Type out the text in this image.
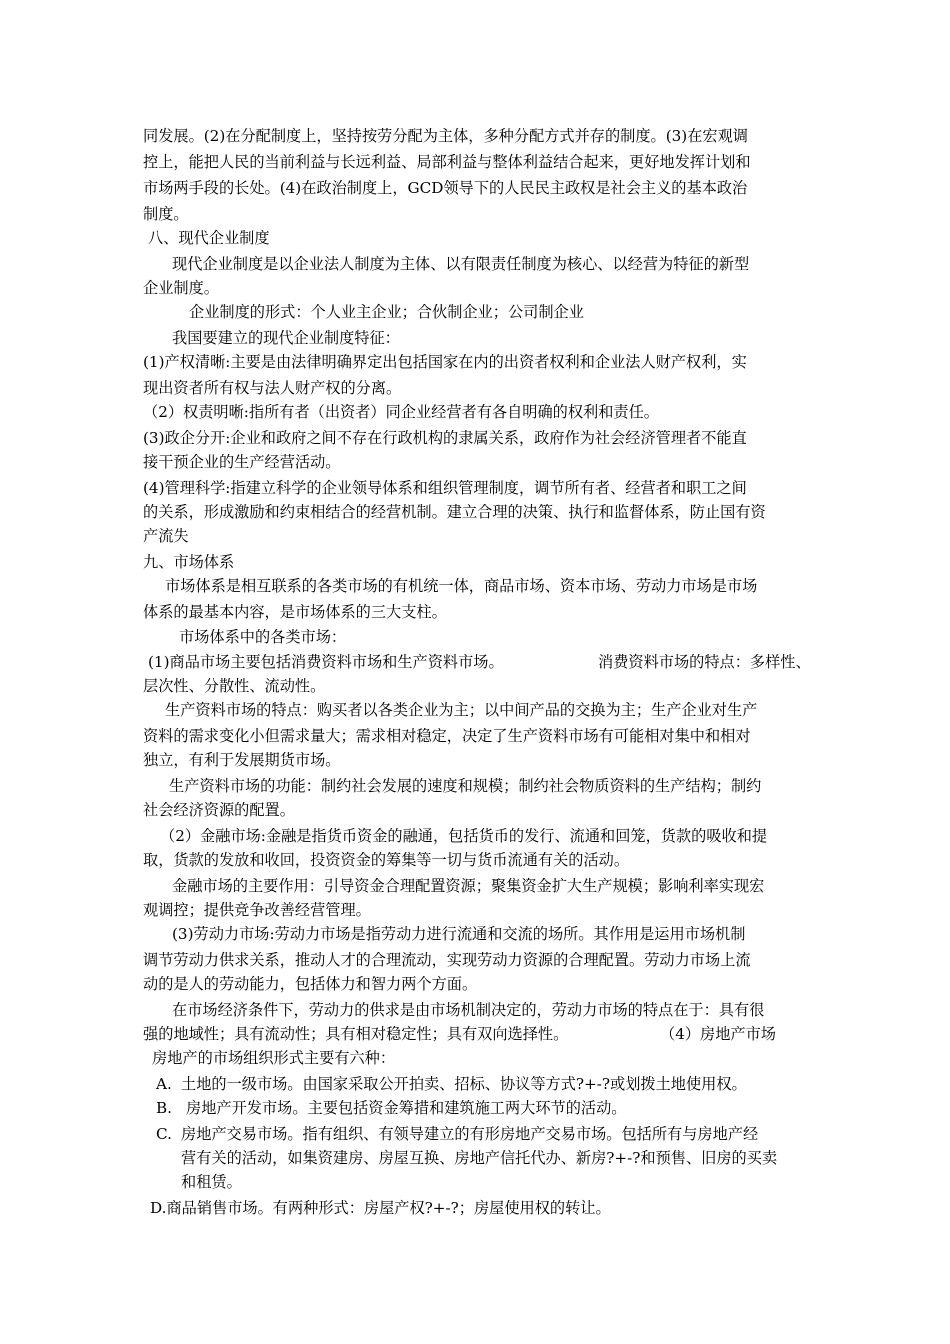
同发展。(2)在分配制度上，坚持按劳分配为主体，多种分配方式并存的制度。(3)在宏观调
控上，能把人民的当前利益与长远利益、局部利益与整体利益结合起来，更好地发挥计划和
市场两手段的长处。(4)在政治制度上，GCD领导下的人民民主政权是社会主义的基本政治
制度。
八、现代企业制度
现代企业制度是以企业法人制度为主体、以有限责任制度为核心、以经营为特征的新型
企业制度。
企业制度的形式：个人业主企业；合伙制企业；公司制企业
我国要建立的现代企业制度特征：
(1)产权清晰:主要是由法律明确界定出包括国家在内的出资者权利和企业法人财产权利，实
现出资者所有权与法人财产权的分离。
（2）权责明晰:指所有者（出资者）同企业经营者有各自明确的权利和责任。
(3)政企分开:企业和政府之间不存在行政机构的隶属关系，政府作为社会经济管理者不能直
接干预企业的生产经营活动。
(4)管理科学:指建立科学的企业领导体系和组织管理制度，调节所有者、经营者和职工之间
的关系，形成激励和约束相结合的经营机制。建立合理的决策、执行和监督体系，防止国有资
产流失
九、市场体系
市场体系是相互联系的各类市场的有机统一体，商品市场、资本市场、劳动力市场是市场
体系的最基本内容，是市场体系的三大支柱。
市场体系中的各类市场：
(1)商品市场主要包括消费资料市场和生产资料市场。	消费资料市场的特点：多样性、
层次性、分散性、流动性。
生产资料市场的特点：购买者以各类企业为主；以中间产品的交换为主；生产企业对生产
资料的需求变化小但需求量大；需求相对稳定，决定了生产资料市场有可能相对集中和相对
独立，有利于发展期货市场。
生产资料市场的功能：制约社会发展的速度和规模；制约社会物质资料的生产结构；制约
社会经济资源的配置。
（2）金融市场:金融是指货币资金的融通，包括货币的发行、流通和回笼，货款的吸收和提
取，货款的发放和收回，投资资金的筹集等一切与货币流通有关的活动。
金融市场的主要作用：引导资金合理配置资源；聚集资金扩大生产规模；影响利率实现宏
观调控；提供竞争改善经营管理。
(3)劳动力市场:劳动力市场是指劳动力进行流通和交流的场所。其作用是运用市场机制
调节劳动力供求关系，推动人才的合理流动，实现劳动力资源的合理配置。劳动力市场上流
动的是人的劳动能力，包括体力和智力两个方面。
在市场经济条件下，劳动力的供求是由市场机制决定的，劳动力市场的特点在于：具有很
强的地域性；具有流动性；具有相对稳定性；具有双向选择性。	（4）房地产市场
房地产的市场组织形式主要有六种：
A. 土地的一级市场。由国家采取公开拍卖、招标、协议等方式?+-?或划拨土地使用权。
B. 房地产开发市场。主要包括资金筹措和建筑施工两大环节的活动。
C. 房地产交易市场。指有组织、有领导建立的有形房地产交易市场。包括所有与房地产经
营有关的活动，如集资建房、房屋互换、房地产信托代办、新房?+-?和预售、旧房的买卖
和租赁。
D.商品销售市场。有两种形式：房屋产权?+-?；房屋使用权的转让。
